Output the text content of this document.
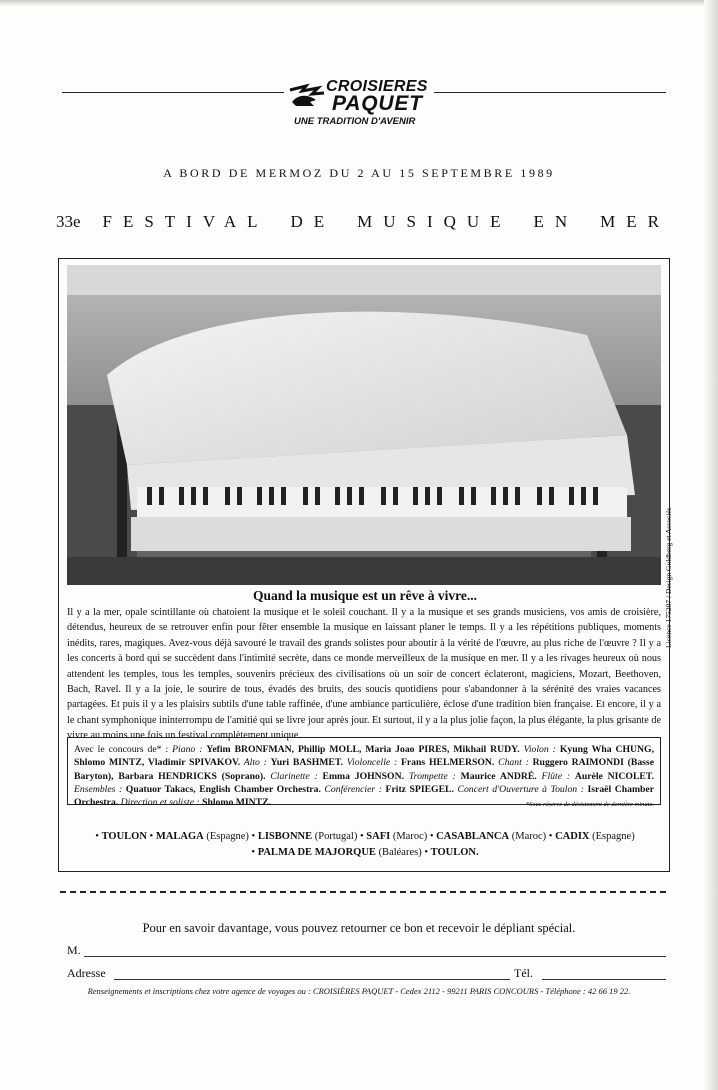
CROISIERES
PAQUET
UNE TRADITION D'AVENIR
A BORD DE MERMOZ DU 2 AU 15 SEPTEMBRE 1989
33e FESTIVAL DE MUSIQUE EN MER
Quand la musique est un rêve à vivre...

Il y a la mer, opale scintillante où chatoient la musique et le soleil couchant. Il y a la musique et ses grands musiciens, vos amis de croisière, détendus, heureux de se retrouver enfin pour fêter ensemble la musique en laissant planer le temps. Il y a les répétitions publiques, moments inédits, rares, magiques. Avez-vous déjà savouré le travail des grands solistes pour aboutir à la vérité de l'œuvre, au plus riche de l'œuvre ? Il y a les concerts à bord qui se succèdent dans l'intimité secrète, dans ce monde merveilleux de la musique en mer. Il y a les rivages heureux où nous attendent les temples, tous les temples, souvenirs précieux des civilisations où un soir de concert éclateront, magiciens, Mozart, Beethoven, Bach, Ravel. Il y a la joie, le sourire de tous, évadés des bruits, des soucis quotidiens pour s'abandonner à la sérénité des vraies vacances partagées. Et puis il y a les plaisirs subtils d'une table raffinée, d'une ambiance particulière, éclose d'une tradition bien française. Et encore, il y a le chant symphonique ininterrompu de l'amitié qui se livre jour après jour. Et surtout, il y a la plus jolie façon, la plus élégante, la plus grisante de vivre au moins une fois un festival complètement unique.

Avec le concours de* : Piano : Yefim BRONFMAN, Phillip MOLL, Maria Joao PIRES, Mikhail RUDY. Violon : Kyung Wha CHUNG, Shlomo MINTZ, Vladimir SPIVAKOV. Alto : Yuri BASHMET. Violoncelle : Frans HELMERSON. Chant : Ruggero RAIMONDI (Basse Baryton), Barbara HENDRICKS (Soprano). Clarinette : Emma JOHNSON. Trompette : Maurice ANDRÉ. Flûte : Aurèle NICOLET. Ensembles : Quatuor Takacs, English Chamber Orchestra. Conférencier : Fritz SPIEGEL. Concert d'Ouverture à Toulon : Israël Chamber Orchestra. Direction et soliste : Shlomo MINTZ.	*Sous réserve de désistement de dernière minute.
• TOULON • MALAGA (Espagne) • LISBONNE (Portugal) • SAFI (Maroc) • CASABLANCA (Maroc) • CADIX (Espagne)
• PALMA DE MAJORQUE (Baléares) • TOULON.
Licence 175207 / Design Goldberg et Associés
Pour en savoir davantage, vous pouvez retourner ce bon et recevoir le dépliant spécial.
M.
Adresse	Tél.
Renseignements et inscriptions chez votre agence de voyages ou : CROISIÈRES PAQUET - Cedex 2112 - 99211 PARIS CONCOURS - Téléphone : 42 66 19 22.
